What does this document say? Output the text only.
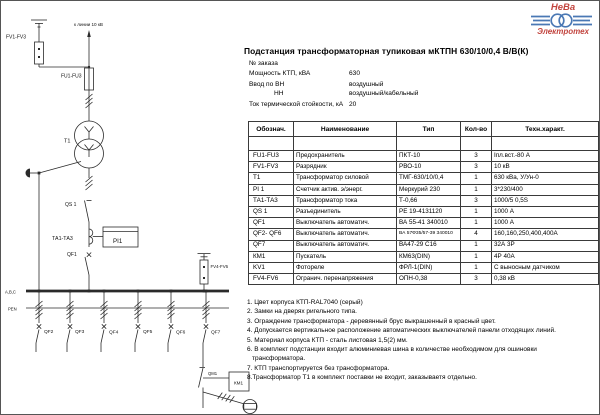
к линии 10 кВ
FV1-FV3
FU1-FU3
Т1
QS 1
ТА1-ТА3	PI1
QF1
А,В,С
PEN
QF2	QF3	QF4	QF5	QF6	QF7
QM1
КМ1
FV4-FV6
НеВа
Электротех
Подстанция трансформаторная тупиковая мКТПН 630/10/0,4 В/В(К)
№ заказа
Мощность КТП, кВА	630
Ввод по ВН	воздушный
НН	воздушный/кабельный
Ток термической стойкости, кА 20
Обознач.	Наименование	Тип	Кол-во	Техн.характ.

FU1-FU3	Предохранитель	ПКТ-10	3	Iпл.вст.-80 А
FV1-FV3	Разрядник	РВО-10	3	10 кВ
Т1	Трансформатор силовой	ТМГ-630/10/0,4	1	630 кВа, У/Ун-0
PI 1	Счетчик актив. э/энерг.	Меркурий 230	1	3*230/400
ТА1-ТА3	Трансформатор тока	Т-0,66	3	1000/5 0,5S
QS 1	Разъединитель	РЕ 19-4131120	1	1000 А
QF1	Выключатель автоматич.	ВА 55-41 340010	1	1000 А
QF2- QF6	Выключатель автоматич.	ВА 57Ф35/57-39 340010	4	160,160,250,400,400А
QF7	Выключатель автоматич.	ВА47-29 С16	1	32А 3Р
КМ1	Пускатель	КМ63(DIN)	1	4Р 40А
KV1	Фотореле	ФРЛ-1(DIN)	1	С выносным датчиком
FV4-FV6	Огранич. перенапряжения	ОПН-0,38	3	0,38 кВ
1. Цвет корпуса КТП-RAL7040 (серый)
2. Замки на дверях ригельного типа.
3. Ограждение трансформатора - деревянный брус выкрашенный в красный цвет.
4. Допускается вертикальное расположение автоматических выключателей панели отходящих линий.
5. Материал корпуса КТП - сталь листовая 1,5(2) мм.
6. В комплект подстанции входит алюминиевая шина в количестве необходимом для ошиновки трансформатора.
7. КТП транспортируется без трансформатора.
8.Трансформатор Т1 в комплект поставки не входит, заказываетя отдельно.
